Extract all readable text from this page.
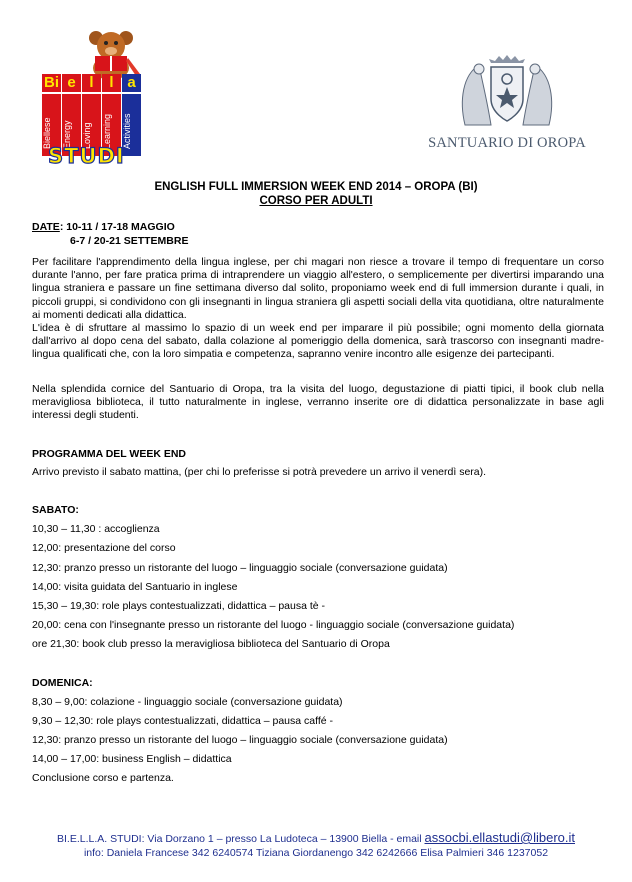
Bi e l	l a
Biellese Energy Loving Learning Activities
STUDI
SANTUARIO DI OROPA
ENGLISH FULL IMMERSION WEEK END 2014 – OROPA (BI)
CORSO PER ADULTI
DATE: 10-11 / 17-18 MAGGIO
6-7 / 20-21 SETTEMBRE
Per facilitare l'apprendimento della lingua inglese, per chi magari non riesce a trovare il tempo di frequentare un corso durante l'anno, per fare pratica prima di intraprendere un viaggio all'estero, o semplicemente per divertirsi imparando una lingua straniera e passare un fine settimana diverso dal solito, proponiamo week end di full immersion durante i quali, in piccoli gruppi, si condividono con gli insegnanti in lingua straniera gli aspetti sociali della vita quotidiana, oltre naturalmente ai momenti dedicati alla didattica.
L'idea è di sfruttare al massimo lo spazio di un week end per imparare il più possibile; ogni momento della giornata dall'arrivo al dopo cena del sabato, dalla colazione al pomeriggio della domenica, sarà trascorso con insegnanti madre-lingua qualificati che, con la loro simpatia e competenza, sapranno venire incontro alle esigenze dei partecipanti.
Nella splendida cornice del Santuario di Oropa, tra la visita del luogo, degustazione di piatti tipici, il book club nella meravigliosa biblioteca, il tutto naturalmente in inglese, verranno inserite ore di didattica personalizzate in base agli interessi degli studenti.
PROGRAMMA DEL WEEK END
Arrivo previsto il sabato mattina, (per chi lo preferisse si potrà prevedere un arrivo il venerdì sera).
SABATO:
10,30 – 11,30 : accoglienza
12,00: presentazione del corso
12,30: pranzo presso un ristorante del luogo – linguaggio sociale (conversazione guidata)
14,00: visita guidata del Santuario in inglese
15,30 – 19,30: role plays contestualizzati, didattica – pausa tè -
20,00: cena con l'insegnante presso un ristorante del luogo - linguaggio sociale (conversazione guidata)
ore 21,30: book club presso la meravigliosa biblioteca del Santuario di Oropa
DOMENICA:
8,30 – 9,00: colazione - linguaggio sociale (conversazione guidata)
9,30 – 12,30: role plays contestualizzati, didattica – pausa caffé -
12,30: pranzo presso un ristorante del luogo – linguaggio sociale (conversazione guidata)
14,00 – 17,00: business English – didattica
Conclusione corso e partenza.
BI.E.L.L.A. STUDI: Via Dorzano 1 – presso La Ludoteca – 13900 Biella - email assocbi.ellastudi@libero.it
info: Daniela Francese 342 6240574 Tiziana Giordanengo 342 6242666 Elisa Palmieri 346 1237052
